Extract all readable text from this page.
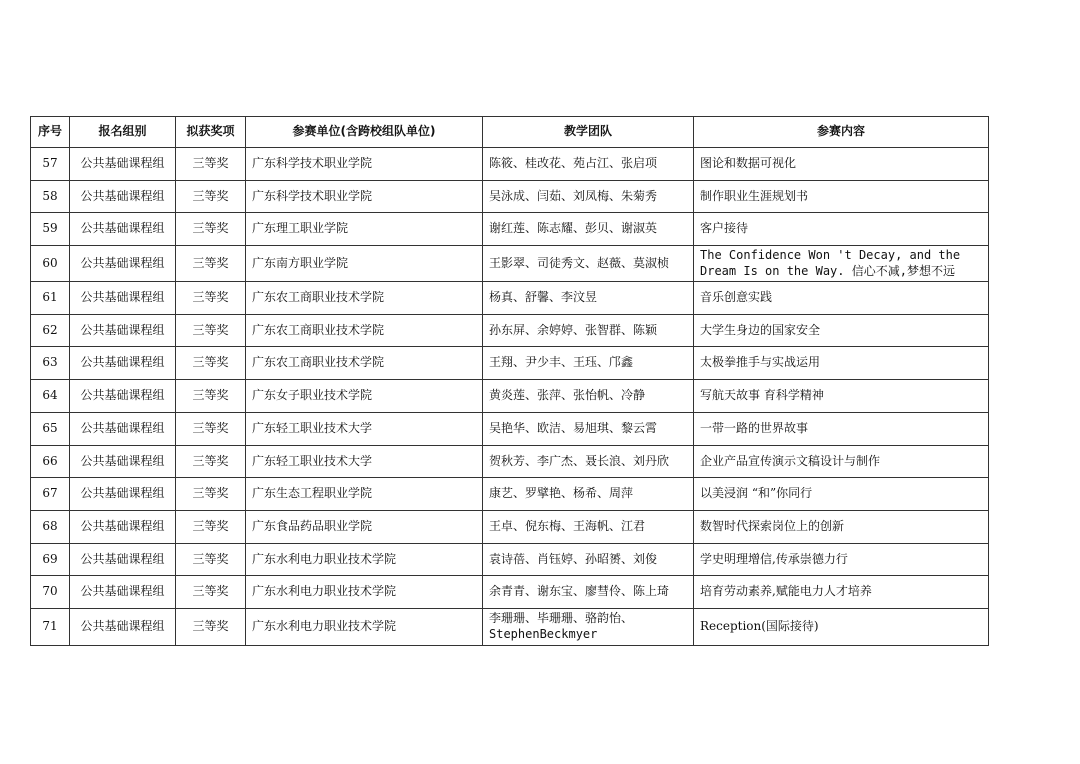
序号	报名组别	拟获奖项	参赛单位(含跨校组队单位)	教学团队	参赛内容
57	公共基础课程组	三等奖	广东科学技术职业学院	陈筱、桂改花、苑占江、张启项	图论和数据可视化
58	公共基础课程组	三等奖	广东科学技术职业学院	吴泳成、闫茹、刘凤梅、朱菊秀	制作职业生涯规划书
59	公共基础课程组	三等奖	广东理工职业学院	谢红莲、陈志耀、彭贝、谢淑英	客户接待
60	公共基础课程组	三等奖	广东南方职业学院	王影翠、司徒秀文、赵薇、莫淑桢	The Confidence Won 't Decay, and the Dream Is on the Way. 信心不减,梦想不远
61	公共基础课程组	三等奖	广东农工商职业技术学院	杨真、舒馨、李汶昱	音乐创意实践
62	公共基础课程组	三等奖	广东农工商职业技术学院	孙东屏、余婷婷、张智群、陈颖	大学生身边的国家安全
63	公共基础课程组	三等奖	广东农工商职业技术学院	王翔、尹少丰、王珏、邝鑫	太极拳推手与实战运用
64	公共基础课程组	三等奖	广东女子职业技术学院	黄炎莲、张萍、张怡帆、冷静	写航天故事 育科学精神
65	公共基础课程组	三等奖	广东轻工职业技术大学	吴艳华、欧洁、易旭琪、黎云霄	一带一路的世界故事
66	公共基础课程组	三等奖	广东轻工职业技术大学	贺秋芳、李广杰、聂长浪、刘丹欣	企业产品宣传演示文稿设计与制作
67	公共基础课程组	三等奖	广东生态工程职业学院	康艺、罗擘艳、杨希、周萍	以美浸润 “和”你同行
68	公共基础课程组	三等奖	广东食品药品职业学院	王卓、倪东梅、王海帆、江君	数智时代探索岗位上的创新
69	公共基础课程组	三等奖	广东水利电力职业技术学院	袁诗蓓、肖钰婷、孙昭赟、刘俊	学史明理增信,传承崇德力行
70	公共基础课程组	三等奖	广东水利电力职业技术学院	余青青、谢东宝、廖彗伶、陈上琦	培育劳动素养,赋能电力人才培养
71	公共基础课程组	三等奖	广东水利电力职业技术学院	李珊珊、毕珊珊、骆韵怡、StephenBeckmyer	Reception(国际接待)
